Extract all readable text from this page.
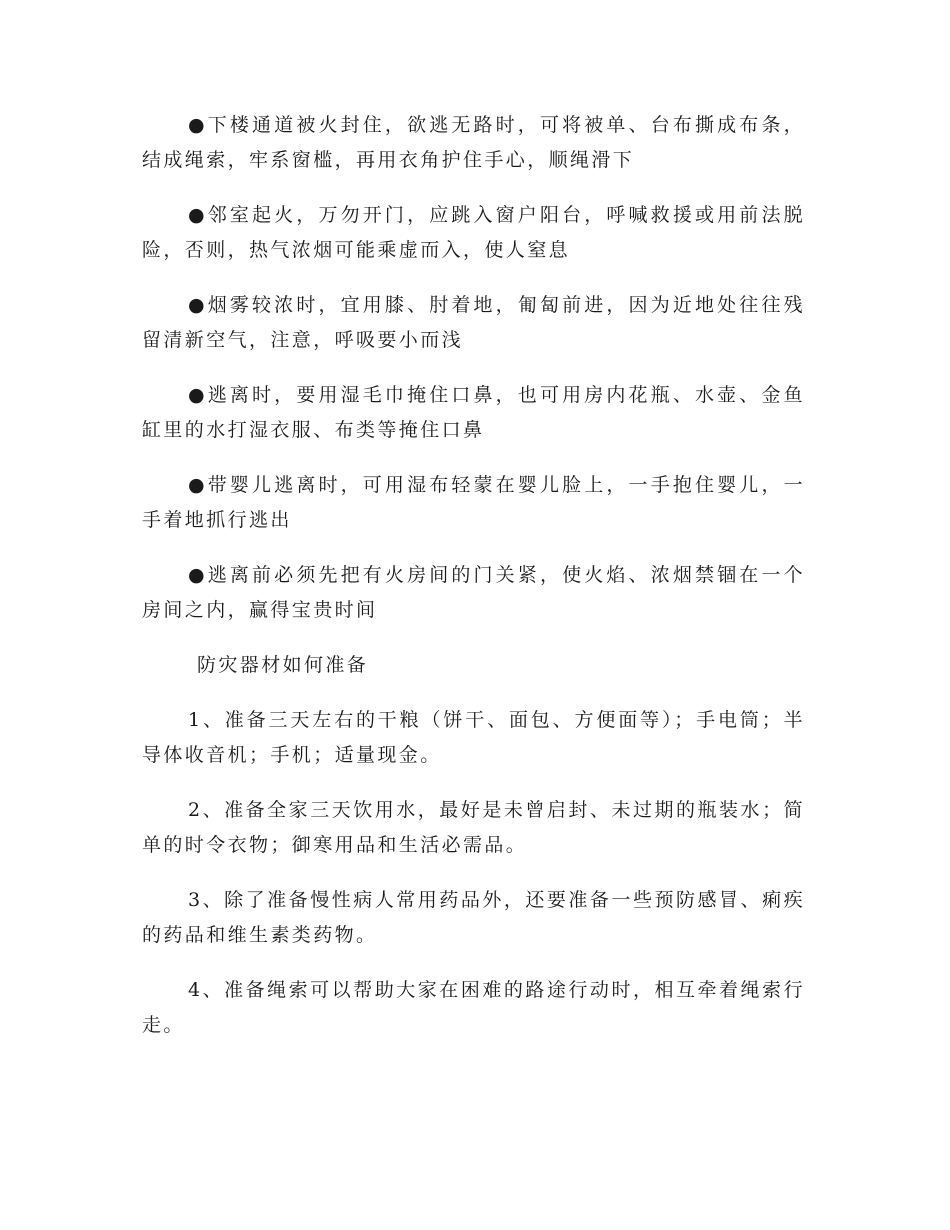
●下楼通道被火封住，欲逃无路时，可将被单、台布撕成布条，结成绳索，牢系窗槛，再用衣角护住手心，顺绳滑下

●邻室起火，万勿开门，应跳入窗户阳台，呼喊救援或用前法脱险，否则，热气浓烟可能乘虚而入，使人窒息

●烟雾较浓时，宜用膝、肘着地，匍匐前进，因为近地处往往残留清新空气，注意，呼吸要小而浅

●逃离时，要用湿毛巾掩住口鼻，也可用房内花瓶、水壶、金鱼缸里的水打湿衣服、布类等掩住口鼻

●带婴儿逃离时，可用湿布轻蒙在婴儿脸上，一手抱住婴儿，一手着地抓行逃出

●逃离前必须先把有火房间的门关紧，使火焰、浓烟禁锢在一个房间之内，赢得宝贵时间

防灾器材如何准备

1、准备三天左右的干粮（饼干、面包、方便面等）；手电筒；半导体收音机；手机；适量现金。

2、准备全家三天饮用水，最好是未曾启封、未过期的瓶装水；简单的时令衣物；御寒用品和生活必需品。

3、除了准备慢性病人常用药品外，还要准备一些预防感冒、痢疾的药品和维生素类药物。

4、准备绳索可以帮助大家在困难的路途行动时，相互牵着绳索行走。
